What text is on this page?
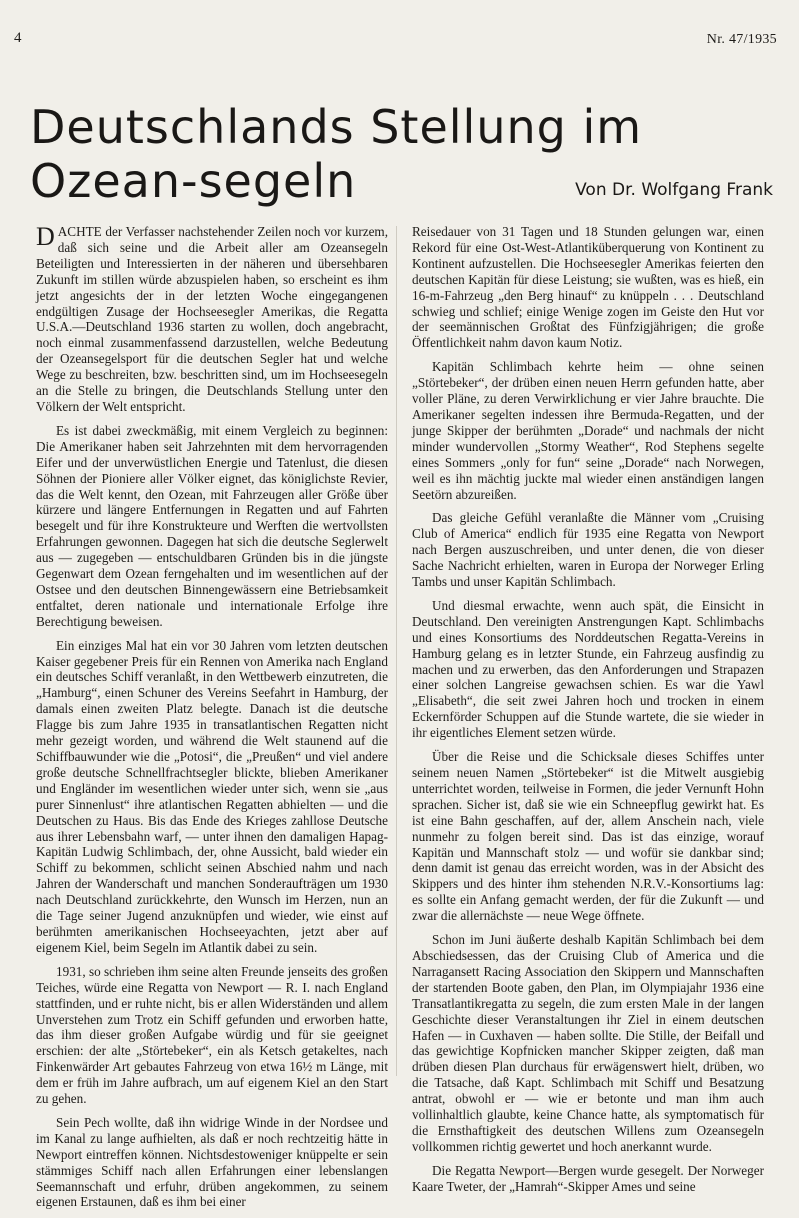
4	Nr. 47/1935
Deutschlands Stellung im Ozean-segeln	Von Dr. Wolfgang Frank

DACHTE der Verfasser nachstehender Zeilen noch vor kurzem, daß sich seine und die Arbeit aller am Ozeansegeln Beteiligten und Interessierten in der näheren und übersehbaren Zukunft im stillen würde abzuspielen haben, so erscheint es ihm jetzt angesichts der in der letzten Woche eingegangenen endgültigen Zusage der Hochseesegler Amerikas, die Regatta U.S.A.—Deutschland 1936 starten zu wollen, doch angebracht, noch einmal zusammenfassend darzustellen, welche Bedeutung der Ozeansegelsport für die deutschen Segler hat und welche Wege zu beschreiten, bzw. beschritten sind, um im Hochseesegeln an die Stelle zu bringen, die Deutschlands Stellung unter den Völkern der Welt entspricht.

Es ist dabei zweckmäßig, mit einem Vergleich zu beginnen: Die Amerikaner haben seit Jahrzehnten mit dem hervorragenden Eifer und der unverwüstlichen Energie und Tatenlust, die diesen Söhnen der Pioniere aller Völker eignet, das königlichste Revier, das die Welt kennt, den Ozean, mit Fahrzeugen aller Größe über kürzere und längere Entfernungen in Regatten und auf Fahrten besegelt und für ihre Konstrukteure und Werften die wertvollsten Erfahrungen gewonnen. Dagegen hat sich die deutsche Seglerwelt aus — zugegeben — entschuldbaren Gründen bis in die jüngste Gegenwart dem Ozean ferngehalten und im wesentlichen auf der Ostsee und den deutschen Binnengewässern eine Betriebsamkeit entfaltet, deren nationale und internationale Erfolge ihre Berechtigung beweisen.

Ein einziges Mal hat ein vor 30 Jahren vom letzten deutschen Kaiser gegebener Preis für ein Rennen von Amerika nach England ein deutsches Schiff veranlaßt, in den Wettbewerb einzutreten, die „Hamburg“, einen Schuner des Vereins Seefahrt in Hamburg, der damals einen zweiten Platz belegte. Danach ist die deutsche Flagge bis zum Jahre 1935 in transatlantischen Regatten nicht mehr gezeigt worden, und während die Welt staunend auf die Schiffbauwunder wie die „Potosi“, die „Preußen“ und viel andere große deutsche Schnellfrachtsegler blickte, blieben Amerikaner und Engländer im wesentlichen wieder unter sich, wenn sie „aus purer Sinnenlust“ ihre atlantischen Regatten abhielten — und die Deutschen zu Haus. Bis das Ende des Krieges zahllose Deutsche aus ihrer Lebensbahn warf, — unter ihnen den damaligen Hapag-Kapitän Ludwig Schlimbach, der, ohne Aussicht, bald wieder ein Schiff zu bekommen, schlicht seinen Abschied nahm und nach Jahren der Wanderschaft und manchen Sonderaufträgen um 1930 nach Deutschland zurückkehrte, den Wunsch im Herzen, nun an die Tage seiner Jugend anzuknüpfen und wieder, wie einst auf berühmten amerikanischen Hochseeyachten, jetzt aber auf eigenem Kiel, beim Segeln im Atlantik dabei zu sein.

1931, so schrieben ihm seine alten Freunde jenseits des großen Teiches, würde eine Regatta von Newport — R. I. nach England stattfinden, und er ruhte nicht, bis er allen Widerständen und allem Unverstehen zum Trotz ein Schiff gefunden und erworben hatte, das ihm dieser großen Aufgabe würdig und für sie geeignet erschien: der alte „Störtebeker“, ein als Ketsch getakeltes, nach Finkenwärder Art gebautes Fahrzeug von etwa 16½ m Länge, mit dem er früh im Jahre aufbrach, um auf eigenem Kiel an den Start zu gehen.

Sein Pech wollte, daß ihn widrige Winde in der Nordsee und im Kanal zu lange aufhielten, als daß er noch rechtzeitig hätte in Newport eintreffen können. Nichtsdestoweniger knüppelte er sein stämmiges Schiff nach allen Erfahrungen einer lebenslangen Seemannschaft und erfuhr, drüben angekommen, zu seinem eigenen Erstaunen, daß es ihm bei einer

Reisedauer von 31 Tagen und 18 Stunden gelungen war, einen Rekord für eine Ost-West-Atlantiküberquerung von Kontinent zu Kontinent aufzustellen. Die Hochseesegler Amerikas feierten den deutschen Kapitän für diese Leistung; sie wußten, was es hieß, ein 16-m-Fahrzeug „den Berg hinauf“ zu knüppeln . . . Deutschland schwieg und schlief; einige Wenige zogen im Geiste den Hut vor der seemännischen Großtat des Fünfzigjährigen; die große Öffentlichkeit nahm davon kaum Notiz.

Kapitän Schlimbach kehrte heim — ohne seinen „Störtebeker“, der drüben einen neuen Herrn gefunden hatte, aber voller Pläne, zu deren Verwirklichung er vier Jahre brauchte. Die Amerikaner segelten indessen ihre Bermuda-Regatten, und der junge Skipper der berühmten „Dorade“ und nachmals der nicht minder wundervollen „Stormy Weather“, Rod Stephens segelte eines Sommers „only for fun“ seine „Dorade“ nach Norwegen, weil es ihn mächtig juckte mal wieder einen anständigen langen Seetörn abzureißen.

Das gleiche Gefühl veranlaßte die Männer vom „Cruising Club of America“ endlich für 1935 eine Regatta von Newport nach Bergen auszuschreiben, und unter denen, die von dieser Sache Nachricht erhielten, waren in Europa der Norweger Erling Tambs und unser Kapitän Schlimbach.

Und diesmal erwachte, wenn auch spät, die Einsicht in Deutschland. Den vereinigten Anstrengungen Kapt. Schlimbachs und eines Konsortiums des Norddeutschen Regatta-Vereins in Hamburg gelang es in letzter Stunde, ein Fahrzeug ausfindig zu machen und zu erwerben, das den Anforderungen und Strapazen einer solchen Langreise gewachsen schien. Es war die Yawl „Elisabeth“, die seit zwei Jahren hoch und trocken in einem Eckernförder Schuppen auf die Stunde wartete, die sie wieder in ihr eigentliches Element setzen würde.

Über die Reise und die Schicksale dieses Schiffes unter seinem neuen Namen „Störtebeker“ ist die Mitwelt ausgiebig unterrichtet worden, teilweise in Formen, die jeder Vernunft Hohn sprachen. Sicher ist, daß sie wie ein Schneepflug gewirkt hat. Es ist eine Bahn geschaffen, auf der, allem Anschein nach, viele nunmehr zu folgen bereit sind. Das ist das einzige, worauf Kapitän und Mannschaft stolz — und wofür sie dankbar sind; denn damit ist genau das erreicht worden, was in der Absicht des Skippers und des hinter ihm stehenden N.R.V.-Konsortiums lag: es sollte ein Anfang gemacht werden, der für die Zukunft — und zwar die allernächste — neue Wege öffnete.

Schon im Juni äußerte deshalb Kapitän Schlimbach bei dem Abschiedsessen, das der Cruising Club of America und die Narragansett Racing Association den Skippern und Mannschaften der startenden Boote gaben, den Plan, im Olympiajahr 1936 eine Transatlantikregatta zu segeln, die zum ersten Male in der langen Geschichte dieser Veranstaltungen ihr Ziel in einem deutschen Hafen — in Cuxhaven — haben sollte. Die Stille, der Beifall und das gewichtige Kopfnicken mancher Skipper zeigten, daß man drüben diesen Plan durchaus für erwägenswert hielt, drüben, wo die Tatsache, daß Kapt. Schlimbach mit Schiff und Besatzung antrat, obwohl er — wie er betonte und man ihm auch vollinhaltlich glaubte, keine Chance hatte, als symptomatisch für die Ernsthaftigkeit des deutschen Willens zum Ozeansegeln vollkommen richtig gewertet und hoch anerkannt wurde.

Die Regatta Newport—Bergen wurde gesegelt. Der Norweger Kaare Tweter, der „Hamrah“-Skipper Ames und seine
